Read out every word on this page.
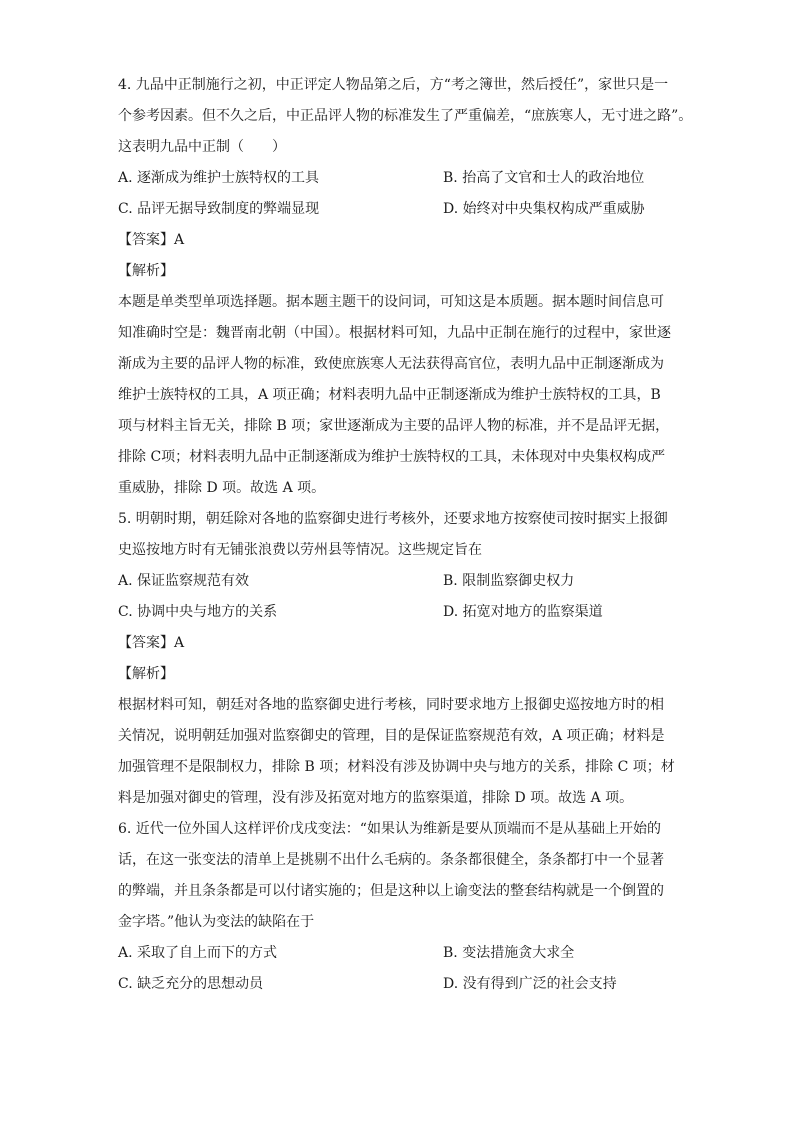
4. 九品中正制施行之初，中正评定人物品第之后，方“考之簿世，然后授任”，家世只是一
个参考因素。但不久之后，中正品评人物的标准发生了严重偏差，“庶族寒人，无寸进之路”。
这表明九品中正制（　　）
A. 逐渐成为维护士族特权的工具	B. 抬高了文官和士人的政治地位
C. 品评无据导致制度的弊端显现	D. 始终对中央集权构成严重威胁
【答案】A
【解析】
本题是单类型单项选择题。据本题主题干的设问词，可知这是本质题。据本题时间信息可
知准确时空是：魏晋南北朝（中国）。根据材料可知，九品中正制在施行的过程中，家世逐
渐成为主要的品评人物的标准，致使庶族寒人无法获得高官位，表明九品中正制逐渐成为
维护士族特权的工具，A 项正确；材料表明九品中正制逐渐成为维护士族特权的工具，B
项与材料主旨无关，排除 B 项；家世逐渐成为主要的品评人物的标准，并不是品评无据，
排除 C项；材料表明九品中正制逐渐成为维护士族特权的工具，未体现对中央集权构成严
重威胁，排除 D 项。故选 A 项。
5. 明朝时期，朝廷除对各地的监察御史进行考核外，还要求地方按察使司按时据实上报御
史巡按地方时有无铺张浪费以劳州县等情况。这些规定旨在
A. 保证监察规范有效	B. 限制监察御史权力
C. 协调中央与地方的关系	D. 拓宽对地方的监察渠道
【答案】A
【解析】
根据材料可知，朝廷对各地的监察御史进行考核，同时要求地方上报御史巡按地方时的相
关情况，说明朝廷加强对监察御史的管理，目的是保证监察规范有效，A 项正确；材料是
加强管理不是限制权力，排除 B 项；材料没有涉及协调中央与地方的关系，排除 C 项；材
料是加强对御史的管理，没有涉及拓宽对地方的监察渠道，排除 D 项。故选 A 项。
6. 近代一位外国人这样评价戊戌变法：“如果认为维新是要从顶端而不是从基础上开始的
话，在这一张变法的清单上是挑剔不出什么毛病的。条条都很健全，条条都打中一个显著
的弊端，并且条条都是可以付诸实施的；但是这种以上谕变法的整套结构就是一个倒置的
金字塔。”他认为变法的缺陷在于
A. 采取了自上而下的方式	B. 变法措施贪大求全
C. 缺乏充分的思想动员	D. 没有得到广泛的社会支持
